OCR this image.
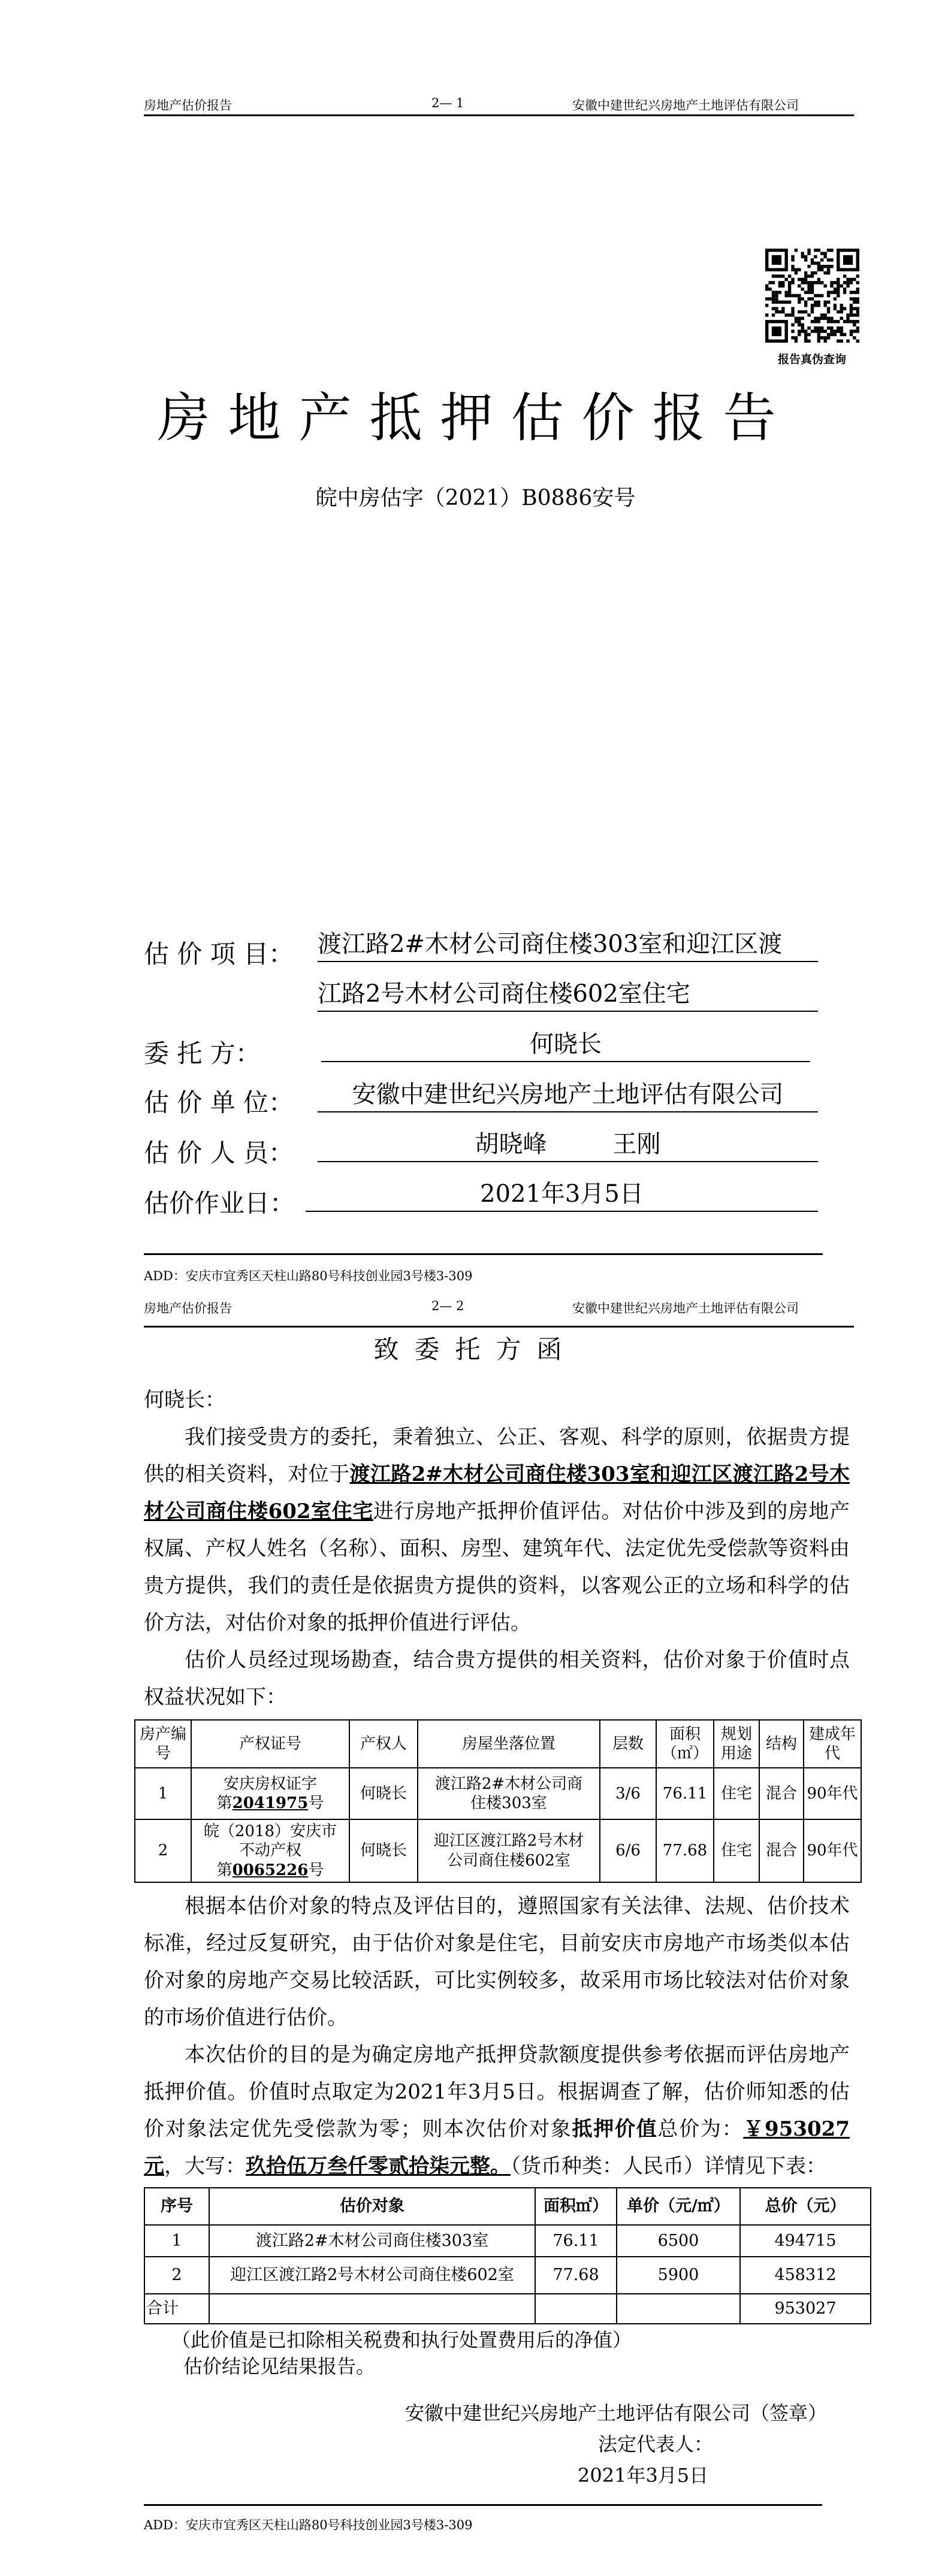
房地产估价报告	2— 1	安徽中建世纪兴房地产土地评估有限公司
报告真伪查询
房地产抵押估价报告
皖中房估字（2021）B0886安号
估 价 项 目： 渡江路2#木材公司商住楼303室和迎江区渡
江路2号木材公司商住楼602室住宅
委 托 方：	何晓长
估 价 单 位：	安徽中建世纪兴房地产土地评估有限公司
估 价 人 员：	胡晓峰	王刚
估价作业日：	2021年3月5日
ADD：安庆市宜秀区天柱山路80号科技创业园3号楼3-309
房地产估价报告	2— 2	安徽中建世纪兴房地产土地评估有限公司
致委托方函

何晓长：

我们接受贵方的委托，秉着独立、公正、客观、科学的原则，依据贵方提供的相关资料，对位于渡江路2#木材公司商住楼303室和迎江区渡江路2号木材公司商住楼602室住宅进行房地产抵押价值评估。对估价中涉及到的房地产权属、产权人姓名（名称）、面积、房型、建筑年代、法定优先受偿款等资料由贵方提供，我们的责任是依据贵方提供的资料，以客观公正的立场和科学的估价方法，对估价对象的抵押价值进行评估。

估价人员经过现场勘查，结合贵方提供的相关资料，估价对象于价值时点权益状况如下：

房产编号	产权证号	产权人	房屋坐落位置	层数	面积（㎡）	规划用途	结构	建成年代
1	安庆房权证字
第2041975号	何晓长	渡江路2#木材公司商住楼303室	3/6	76.11	住宅	混合	90年代
2	皖（2018）安庆市
不动产权
第0065226号	何晓长	迎江区渡江路2号木材公司商住楼602室	6/6	77.68	住宅	混合	90年代

根据本估价对象的特点及评估目的，遵照国家有关法律、法规、估价技术标准，经过反复研究，由于估价对象是住宅，目前安庆市房地产市场类似本估价对象的房地产交易比较活跃，可比实例较多，故采用市场比较法对估价对象的市场价值进行估价。

本次估价的目的是为确定房地产抵押贷款额度提供参考依据而评估房地产抵押价值。价值时点取定为2021年3月5日。根据调查了解，估价师知悉的估价对象法定优先受偿款为零；则本次估价对象抵押价值总价为：￥953027元，大写：玖拾伍万叁仟零贰拾柒元整。（货币种类：人民币）详情见下表：

序号	估价对象	面积㎡）	单价（元/㎡）	总价（元）
1	渡江路2#木材公司商住楼303室	76.11	6500	494715
2	迎江区渡江路2号木材公司商住楼602室	77.68	5900	458312
合计				953027
（此价值是已扣除相关税费和执行处置费用后的净值）
估价结论见结果报告。
安徽中建世纪兴房地产土地评估有限公司（签章）
法定代表人：
2021年3月5日
ADD：安庆市宜秀区天柱山路80号科技创业园3号楼3-309
